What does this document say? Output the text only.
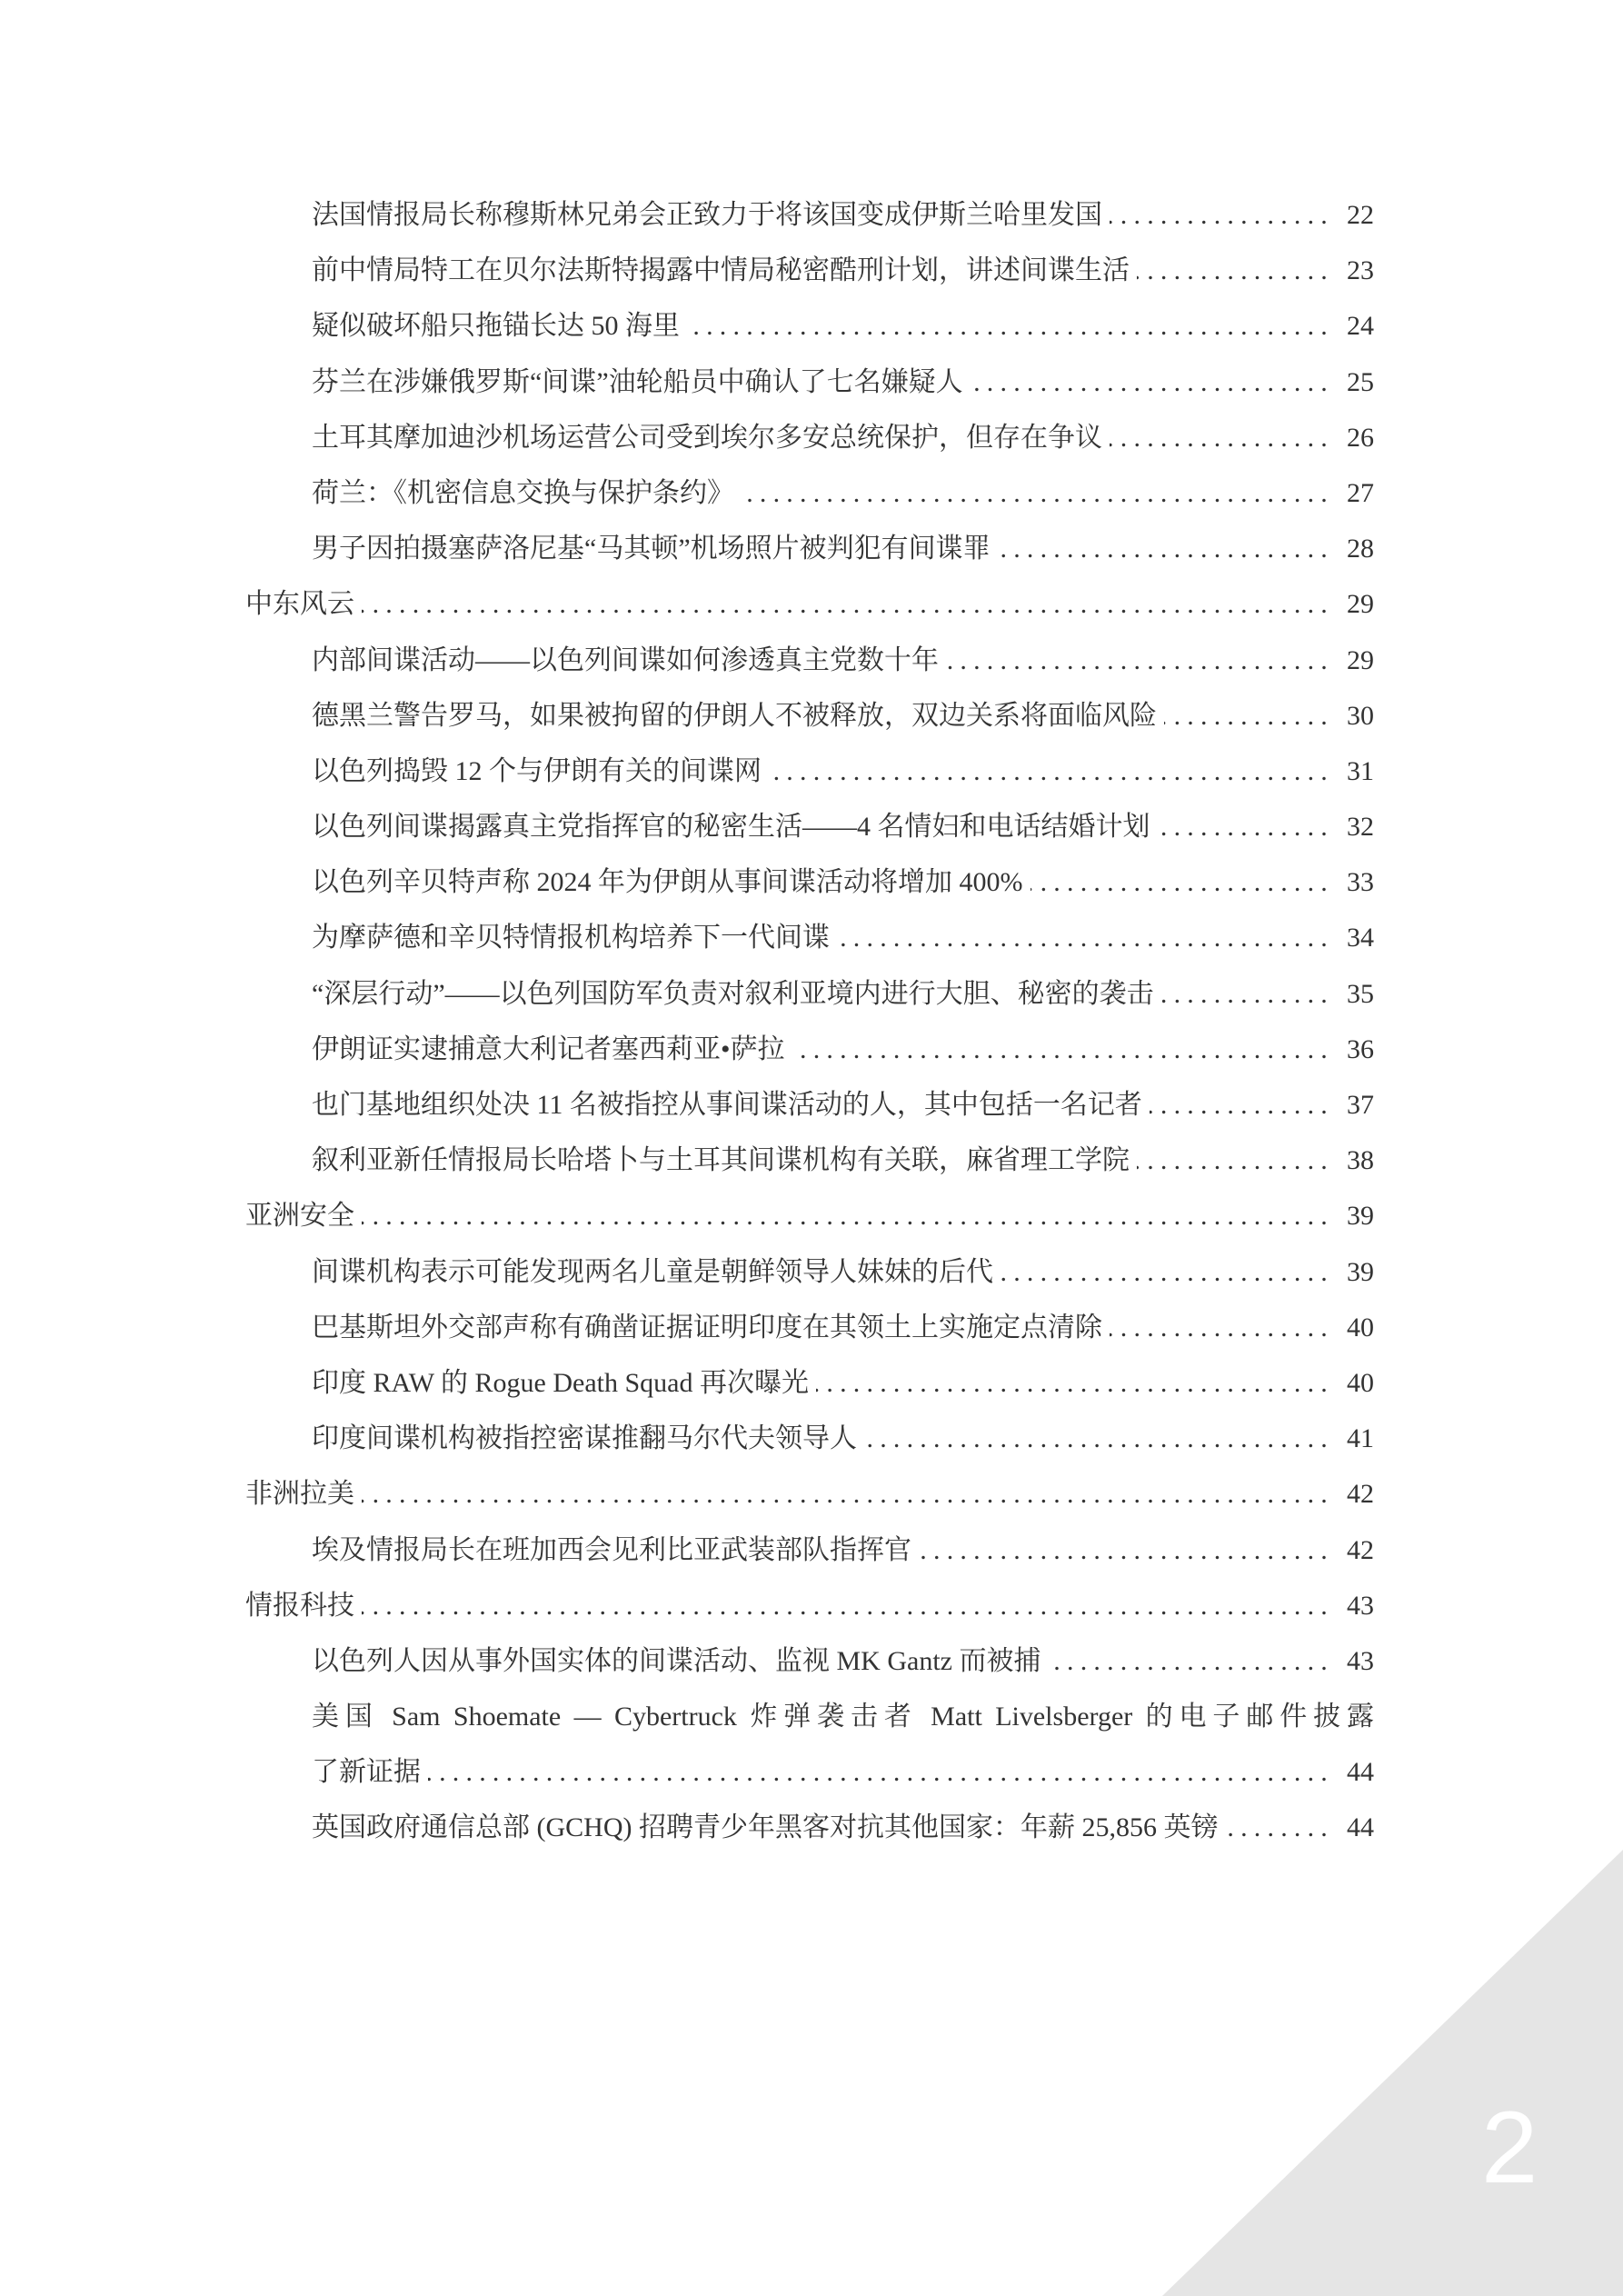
法国情报局长称穆斯林兄弟会正致力于将该国变成伊斯兰哈里发国 .....	22
前中情局特工在贝尔法斯特揭露中情局秘密酷刑计划，讲述间谍生活 .....	23
疑似破坏船只拖锚长达 50 海里 .....	24
芬兰在涉嫌俄罗斯“间谍”油轮船员中确认了七名嫌疑人 .....	25
土耳其摩加迪沙机场运营公司受到埃尔多安总统保护，但存在争议 .....	26
荷兰：《机密信息交换与保护条约》 .....	27
男子因拍摄塞萨洛尼基“马其顿”机场照片被判犯有间谍罪 .....	28
中东风云 .....	29
内部间谍活动——以色列间谍如何渗透真主党数十年 .....	29
德黑兰警告罗马，如果被拘留的伊朗人不被释放，双边关系将面临风险 .....	30
以色列捣毁 12 个与伊朗有关的间谍网 .....	31
以色列间谍揭露真主党指挥官的秘密生活——4 名情妇和电话结婚计划 .....	32
以色列辛贝特声称 2024 年为伊朗从事间谍活动将增加 400% .....	33
为摩萨德和辛贝特情报机构培养下一代间谍 .....	34
“深层行动”——以色列国防军负责对叙利亚境内进行大胆、秘密的袭击 .....	35
伊朗证实逮捕意大利记者塞西莉亚•萨拉 .....	36
也门基地组织处决 11 名被指控从事间谍活动的人，其中包括一名记者 .....	37
叙利亚新任情报局长哈塔卜与土耳其间谍机构有关联，麻省理工学院 .....	38
亚洲安全 .....	39
间谍机构表示可能发现两名儿童是朝鲜领导人妹妹的后代 .....	39
巴基斯坦外交部声称有确凿证据证明印度在其领土上实施定点清除 .....	40
印度 RAW 的 Rogue Death Squad 再次曝光 .....	40
印度间谍机构被指控密谋推翻马尔代夫领导人 .....	41
非洲拉美 .....	42
埃及情报局长在班加西会见利比亚武装部队指挥官 .....	42
情报科技 .....	43
以色列人因从事外国实体的间谍活动、监视 MK Gantz 而被捕 .....	43
美国 Sam Shoemate — Cybertruck 炸弹袭击者 Matt Livelsberger 的电子邮件披露
了新证据 .....	44
英国政府通信总部 (GCHQ) 招聘青少年黑客对抗其他国家：年薪 25,856 英镑 .....	44
2
